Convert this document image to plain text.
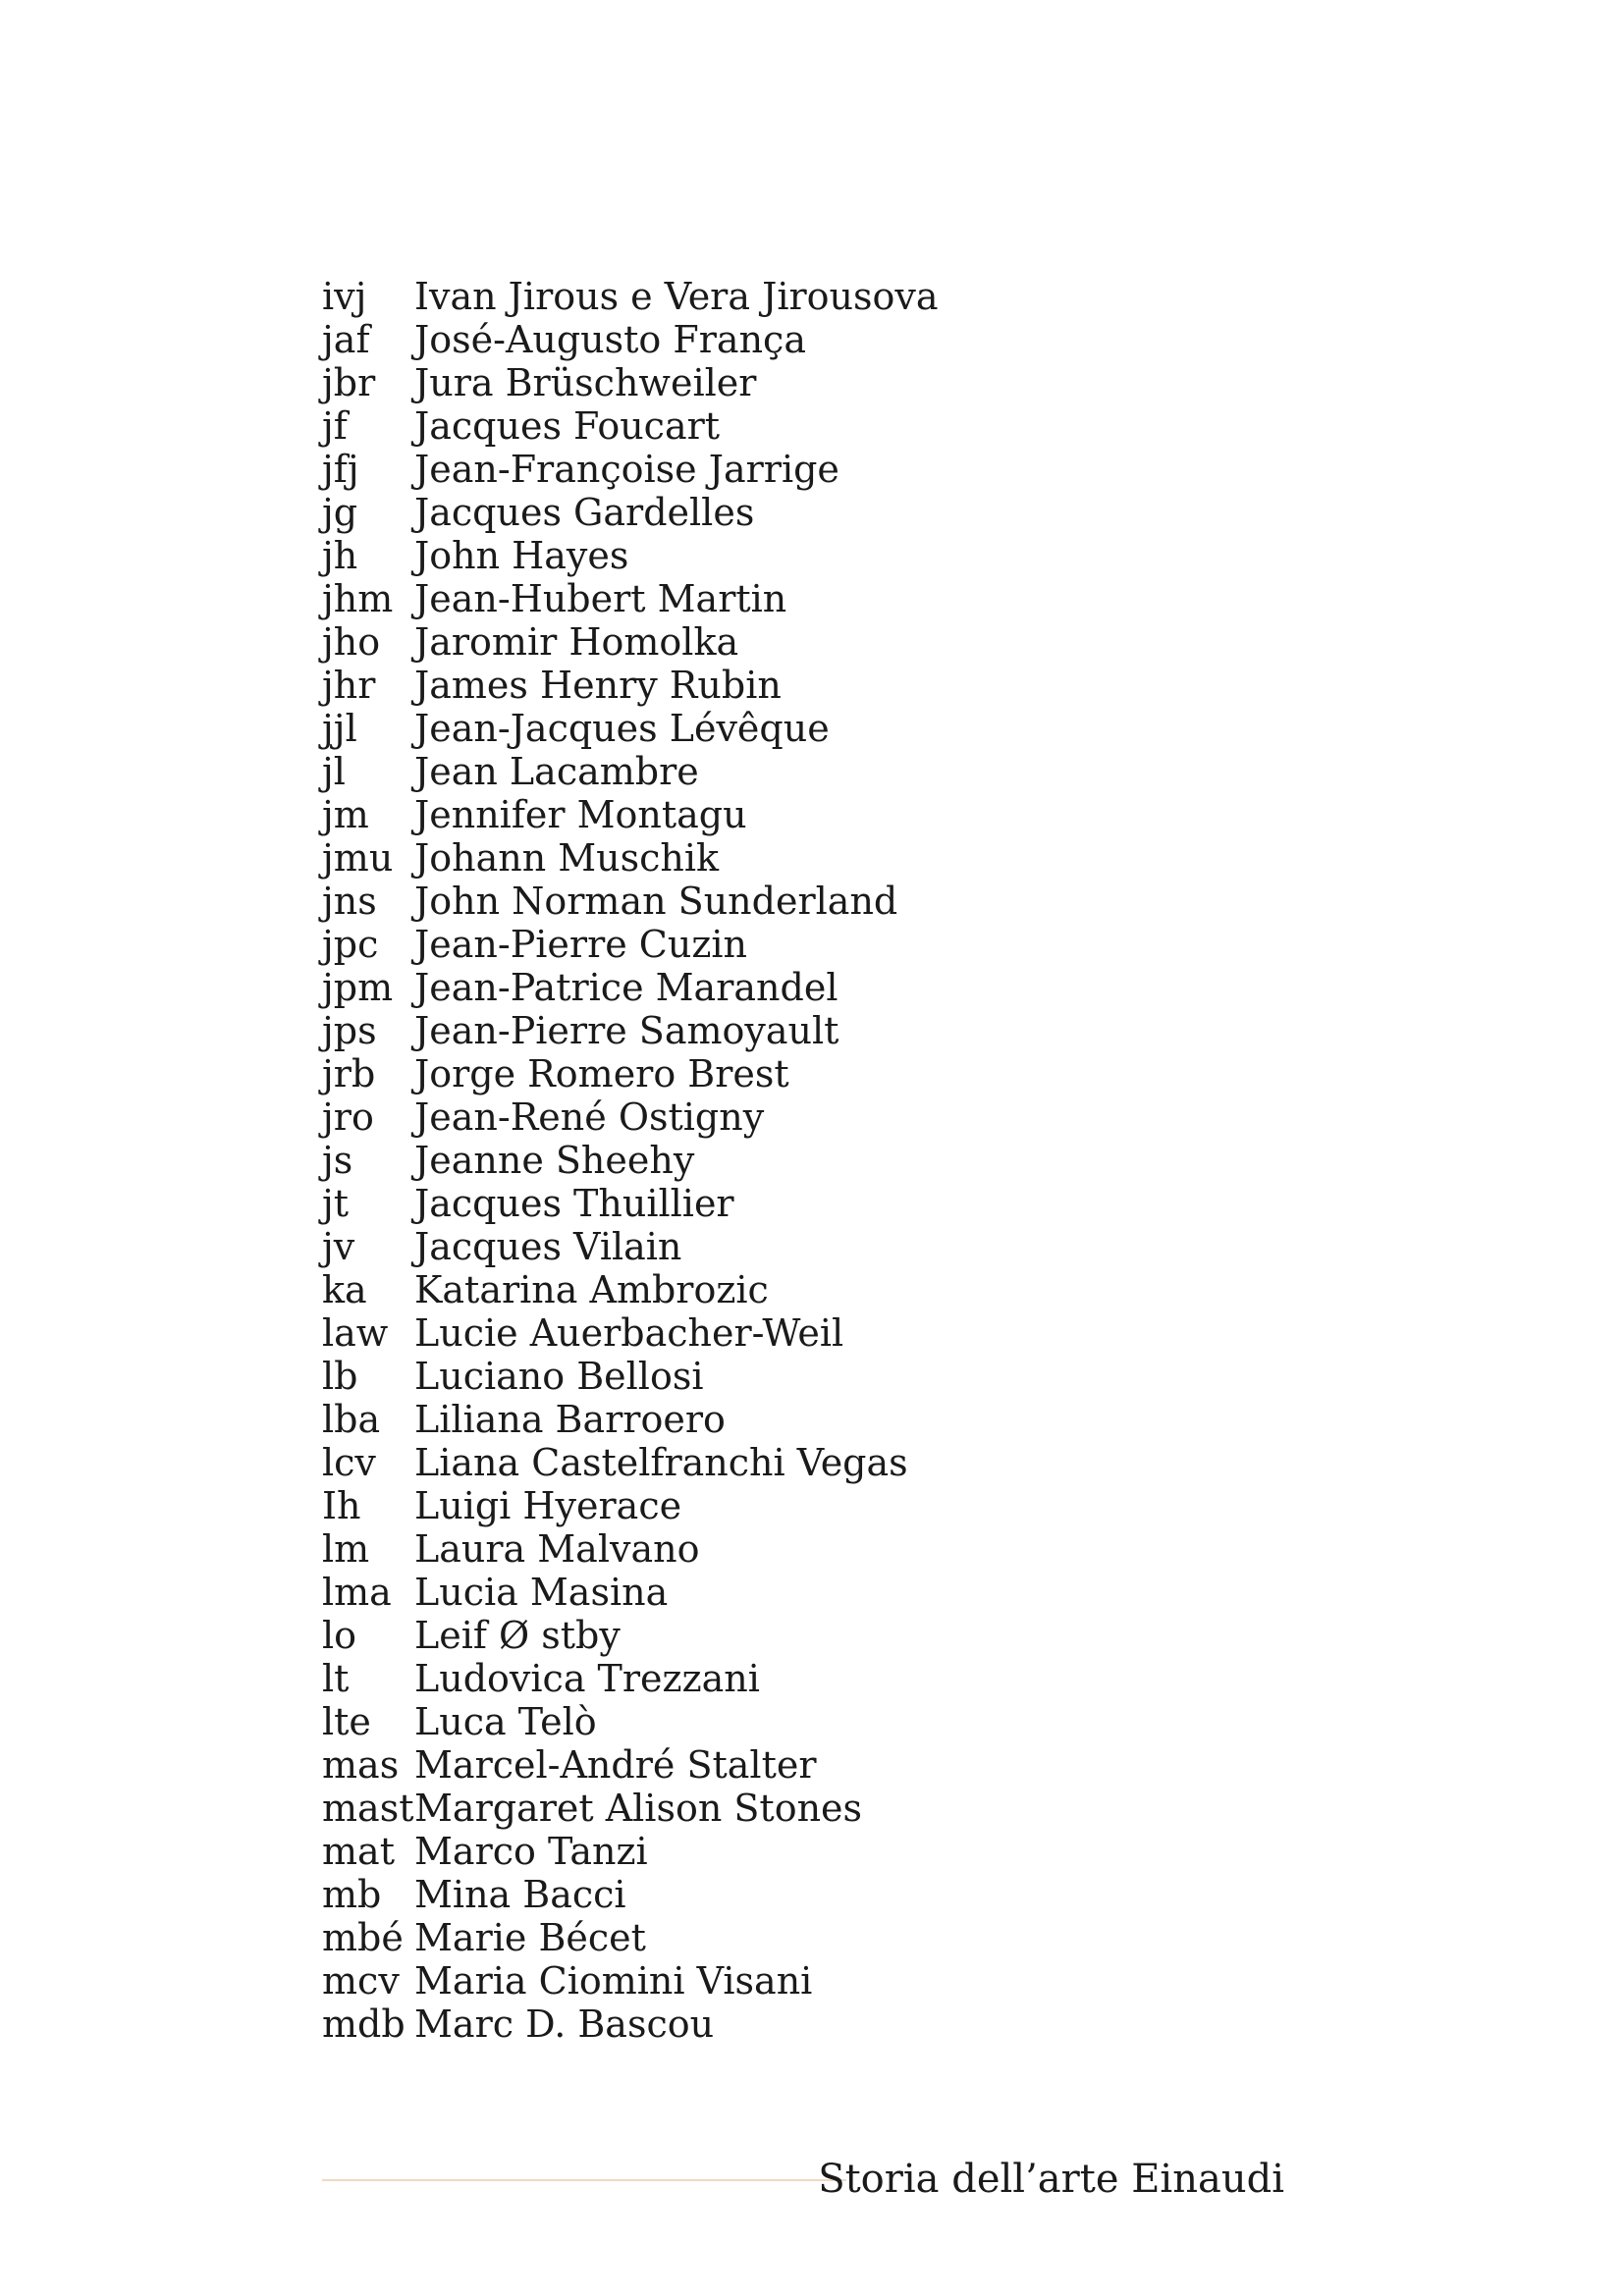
ivj Ivan Jirous e Vera Jirousova
jaf José-Augusto França
jbr Jura Brüschweiler
jf Jacques Foucart
jfj Jean-Françoise Jarrige
jg Jacques Gardelles
jh John Hayes
jhm Jean-Hubert Martin
jho Jaromir Homolka
jhr James Henry Rubin
jjl Jean-Jacques Lévêque
jl Jean Lacambre
jm Jennifer Montagu
jmu Johann Muschik
jns John Norman Sunderland
jpc Jean-Pierre Cuzin
jpm Jean-Patrice Marandel
jps Jean-Pierre Samoyault
jrb Jorge Romero Brest
jro Jean-René Ostigny
js Jeanne Sheehy
jt Jacques Thuillier
jv Jacques Vilain
ka Katarina Ambrozic
law Lucie Auerbacher-Weil
lb Luciano Bellosi
lba Liliana Barroero
lcv Liana Castelfranchi Vegas
Ih Luigi Hyerace
lm Laura Malvano
lma Lucia Masina
lo Leif Ø stby
lt Ludovica Trezzani
lte Luca Telò
mas Marcel-André Stalter
mastMargaret Alison Stones
mat Marco Tanzi
mb Mina Bacci
mbé Marie Bécet
mcv Maria Ciomini Visani
mdb Marc D. Bascou
Storia dell’arte Einaudi
